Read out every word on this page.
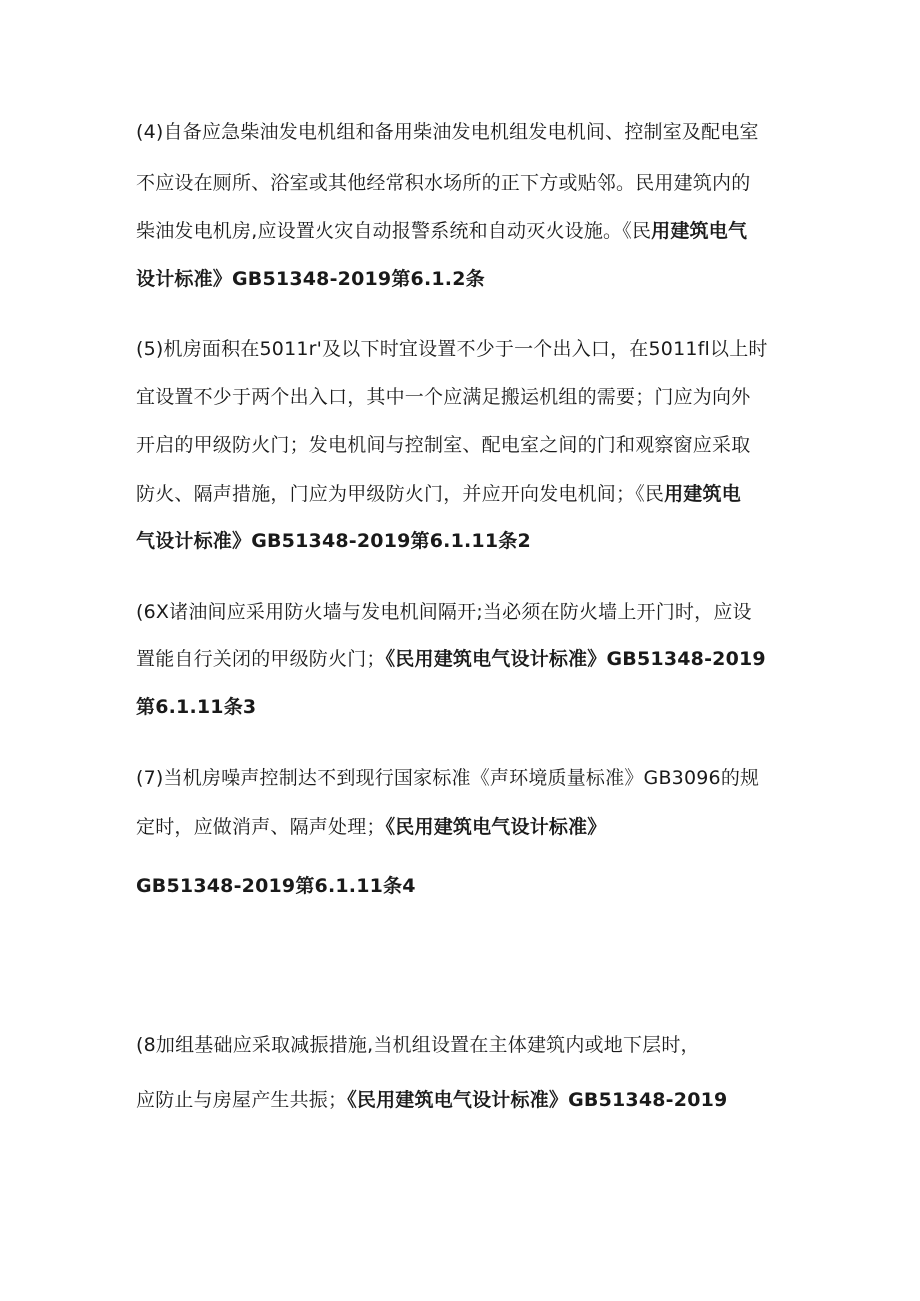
(4)自备应急柴油发电机组和备用柴油发电机组发电机间、控制室及配电室
不应设在厕所、浴室或其他经常积水场所的正下方或贴邻。民用建筑内的
柴油发电机房,应设置火灾自动报警系统和自动灭火设施。《民用建筑电气
设计标准》GB51348-2019第6.1.2条
(5)机房面积在5011r'及以下时宜设置不少于一个出入口，在5011fl以上时
宜设置不少于两个出入口，其中一个应满足搬运机组的需要；门应为向外
开启的甲级防火门；发电机间与控制室、配电室之间的门和观察窗应采取
防火、隔声措施，门应为甲级防火门，并应开向发电机间；《民用建筑电
气设计标准》GB51348-2019第6.1.11条2
(6X诸油间应采用防火墙与发电机间隔开;当必须在防火墙上开门时，应设
置能自行关闭的甲级防火门；《民用建筑电气设计标准》GB51348-2019
第6.1.11条3
(7)当机房噪声控制达不到现行国家标准《声环境质量标准》GB3096的规
定时，应做消声、隔声处理；《民用建筑电气设计标准》
GB51348-2019第6.1.11条4
(8加组基础应采取减振措施,当机组设置在主体建筑内或地下层时，
应防止与房屋产生共振；《民用建筑电气设计标准》GB51348-2019
